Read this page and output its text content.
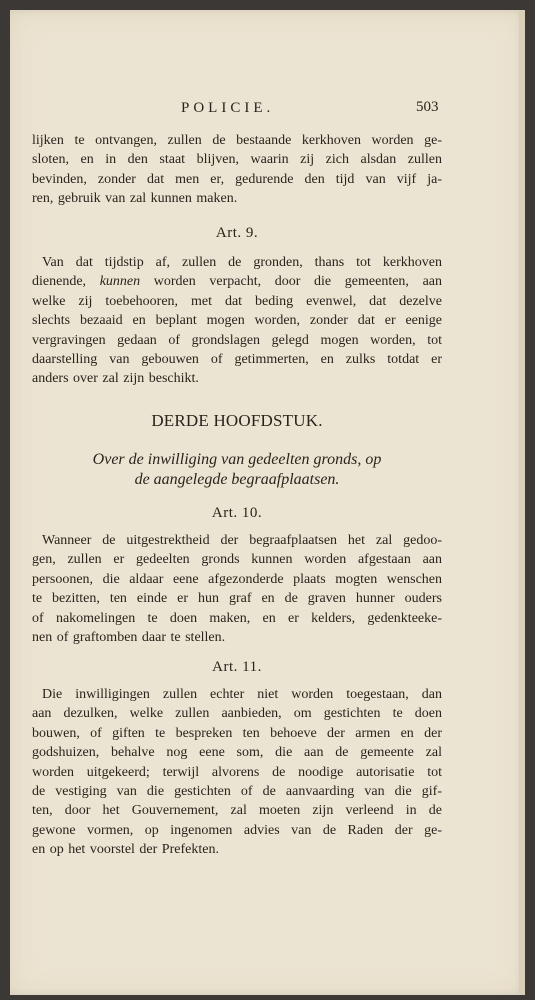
POLICIE.	503

lijken te ontvangen, zullen de bestaande kerkhoven worden ge-
sloten, en in den staat blijven, waarin zij zich alsdan zullen
bevinden, zonder dat men er, gedurende den tijd van vijf ja-
ren, gebruik van zal kunnen maken.

Art. 9.

Van dat tijdstip af, zullen de gronden, thans tot kerkhoven
dienende, kunnen worden verpacht, door die gemeenten, aan
welke zij toebehooren, met dat beding evenwel, dat dezelve
slechts bezaaid en beplant mogen worden, zonder dat er eenige
vergravingen gedaan of grondslagen gelegd mogen worden, tot
daarstelling van gebouwen of getimmerten, en zulks totdat er
anders over zal zijn beschikt.

DERDE HOOFDSTUK.

Over de inwilliging van gedeelten gronds, op

de aangelegde begraafplaatsen.

Art. 10.

Wanneer de uitgestrektheid der begraafplaatsen het zal gedoo-
gen, zullen er gedeelten gronds kunnen worden afgestaan aan
persoonen, die aldaar eene afgezonderde plaats mogten wenschen
te bezitten, ten einde er hun graf en de graven hunner ouders
of nakomelingen te doen maken, en er kelders, gedenkteeke-
nen of graftomben daar te stellen.

Art. 11.

Die inwilligingen zullen echter niet worden toegestaan, dan
aan dezulken, welke zullen aanbieden, om gestichten te doen
bouwen, of giften te bespreken ten behoeve der armen en der
godshuizen, behalve nog eene som, die aan de gemeente zal
worden uitgekeerd; terwijl alvorens de noodige autorisatie tot
de vestiging van die gestichten of de aanvaarding van die gif-
ten, door het Gouvernement, zal moeten zijn verleend in de
gewone vormen, op ingenomen advies van de Raden der ge-
en op het voorstel der Prefekten.
